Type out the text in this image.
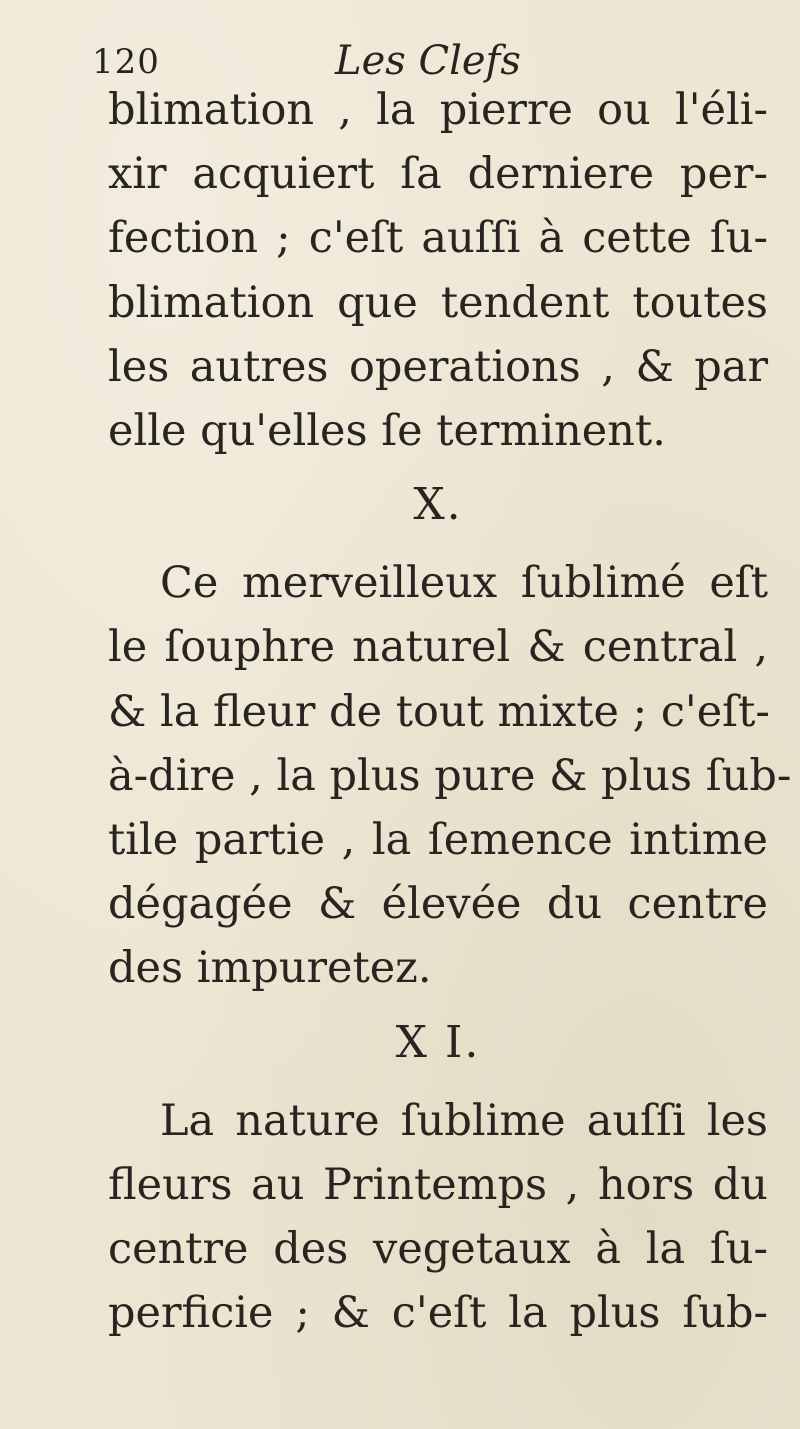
120	Les Clefs
blimation , la pierre ou l'éli-
xir acquiert ſa derniere per-
fection ; c'eſt auſſi à cette ſu-
blimation que tendent toutes
les autres operations , & par
elle qu'elles ſe terminent.
X.
Ce merveilleux ſublimé eſt
le ſouphre naturel & central ,
& la fleur de tout mixte ; c'eſt-
à-dire , la plus pure & plus ſub-
tile partie , la ſemence intime
dégagée & élevée du centre
des impuretez.
X I.
La nature ſublime auſſi les
fleurs au Printemps , hors du
centre des vegetaux à la ſu-
perficie ; & c'eſt la plus ſub-
